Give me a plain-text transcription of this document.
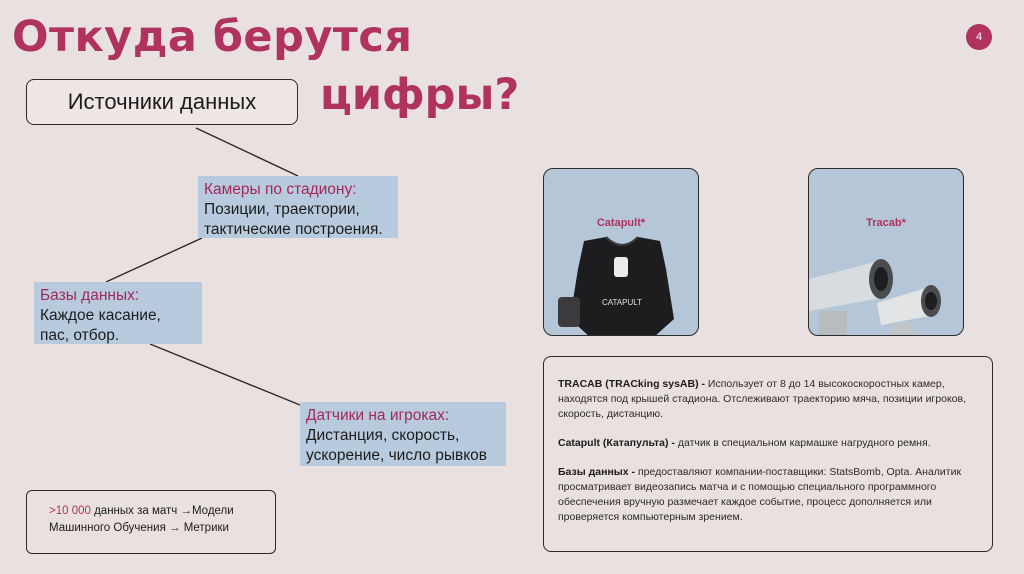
Откуда берутся
цифры?
4
Источники данных
Камеры по стадиону:
Позиции, траектории,
тактические построения.
Базы данных:
Каждое касание,
пас, отбор.
Датчики на игроках:
Дистанция, скорость,
ускорение, число рывков
>10 000 данных за матч →Модели
Машинного Обучения → Метрики
CATAPULT
Catapult*	Tracab*

TRACAB (TRACking sysAB) - Использует от 8 до 14 высокоскоростных камер, находятся под крышей стадиона. Отслеживают траекторию мяча, позиции игроков, скорость, дистанцию.

Catapult (Катапульта) - датчик в специальном кармашке нагрудного ремня.

Базы данных - предоставляют компании-поставщики: StatsBomb, Opta. Аналитик просматривает видеозапись матча и с помощью специального программного обеспечения вручную размечает каждое событие, процесс дополняется или проверяется компьютерным зрением.
